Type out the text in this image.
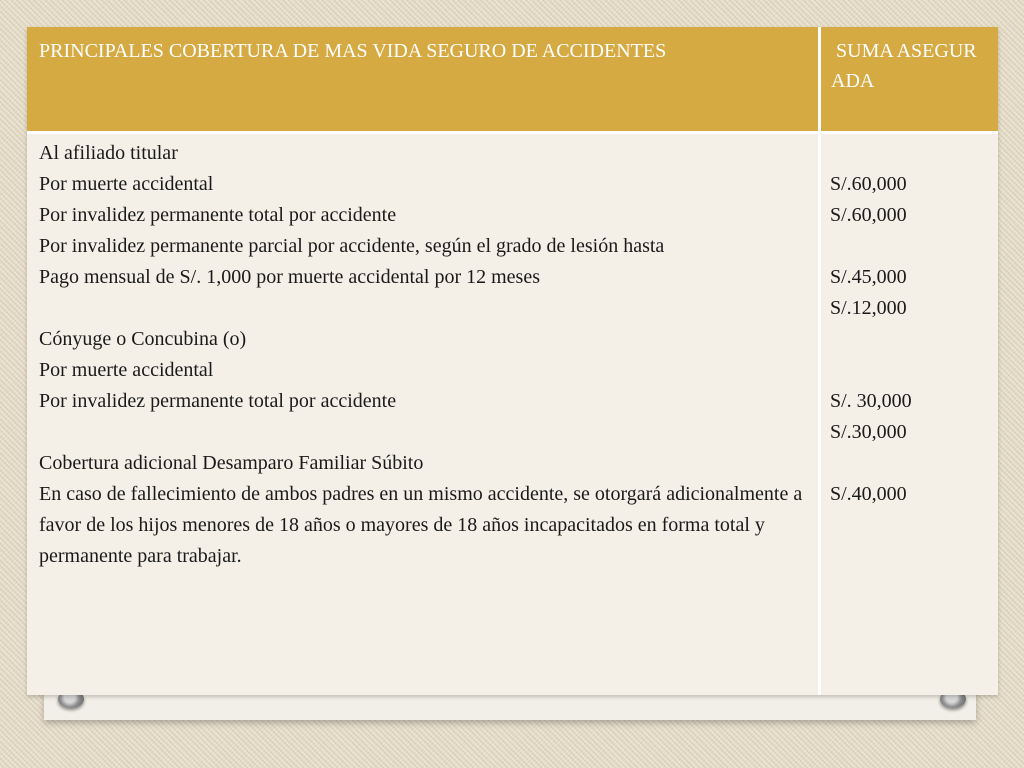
PRINCIPALES COBERTURA DE MAS VIDA SEGURO DE ACCIDENTES	SUMA ASEGURADA

Al afiliado titular
Por muerte accidental
Por invalidez permanente total por accidente
Por invalidez permanente parcial por accidente, según el grado de lesión hasta
Pago mensual de S/. 1,000 por muerte accidental por 12 meses
Cónyuge o Concubina (o)
Por muerte accidental
Por invalidez permanente total por accidente
Cobertura adicional Desamparo Familiar Súbito
En caso de fallecimiento de ambos padres en un mismo accidente, se otorgará adicionalmente a favor de los hijos menores de 18 años o mayores de 18 años incapacitados en forma total y permanente para trabajar.
S/.60,000
S/.60,000
S/.45,000
S/.12,000
S/. 30,000
S/.30,000
S/.40,000
